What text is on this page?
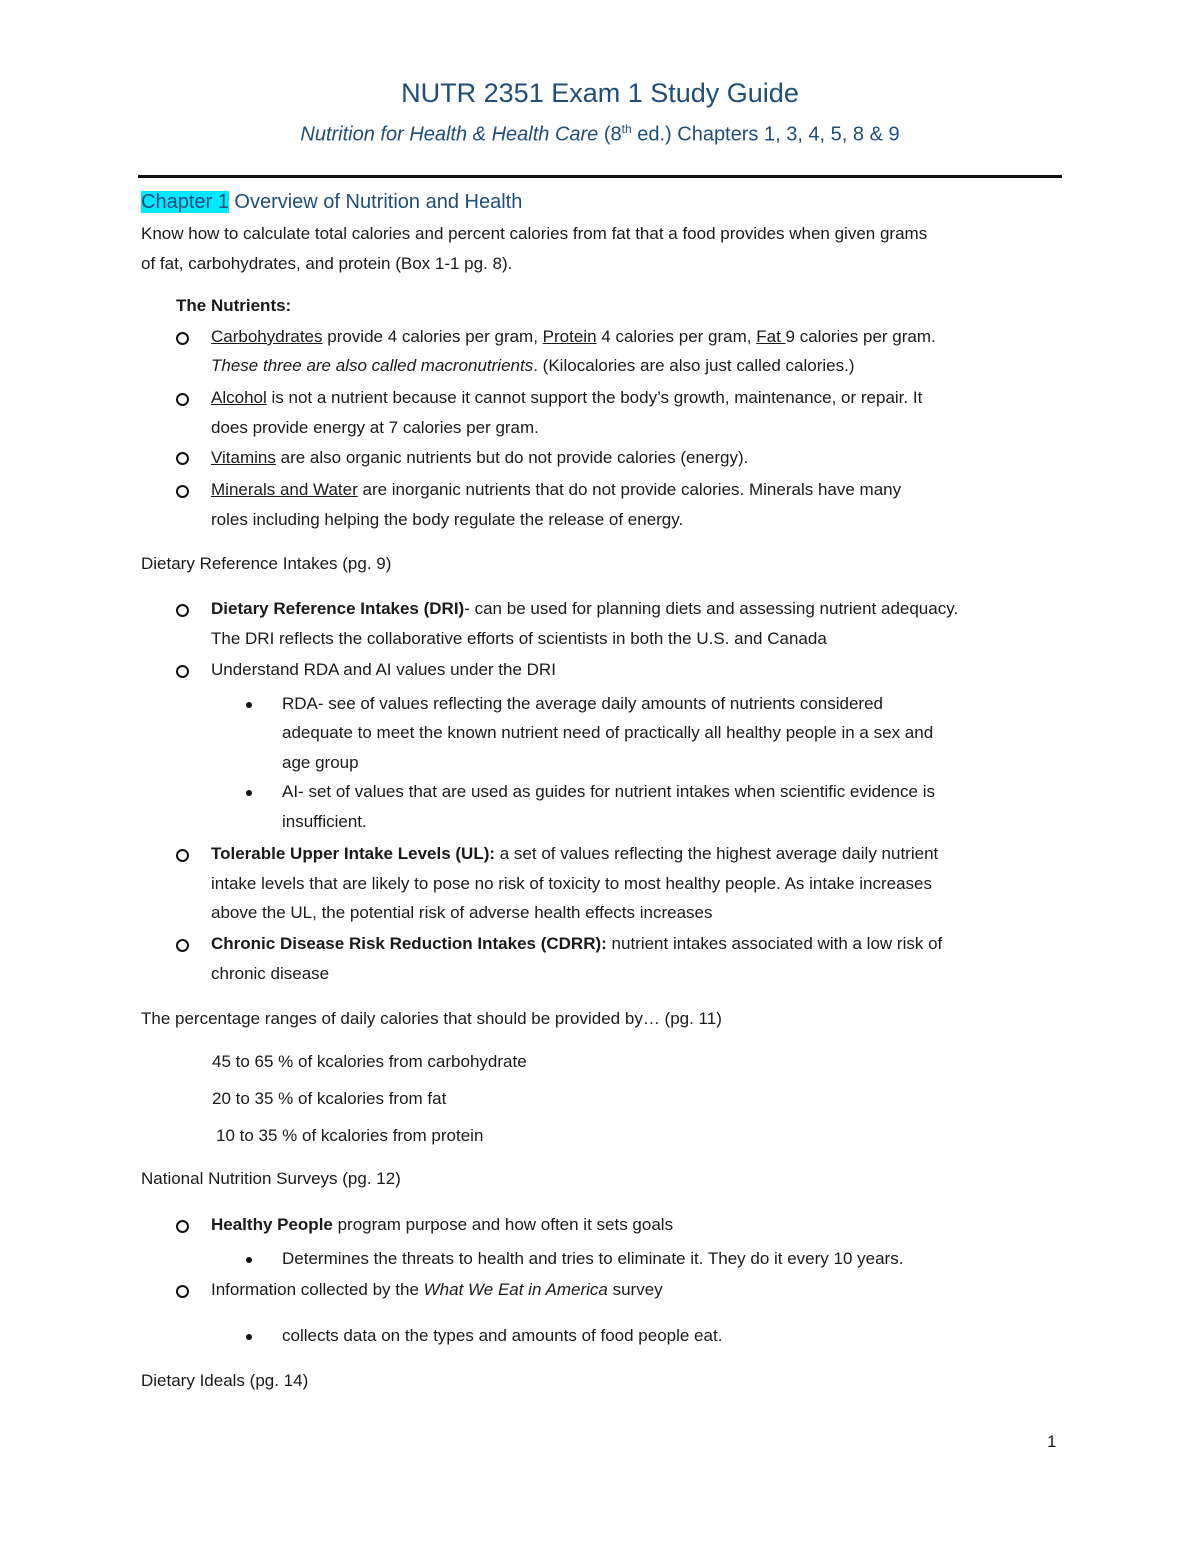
NUTR 2351 Exam 1 Study Guide
Nutrition for Health & Health Care (8th ed.) Chapters 1, 3, 4, 5, 8 & 9
Chapter 1 Overview of Nutrition and Health
Know how to calculate total calories and percent calories from fat that a food provides when given grams
of fat, carbohydrates, and protein (Box 1-1 pg. 8).
The Nutrients:
Carbohydrates provide 4 calories per gram, Protein 4 calories per gram, Fat 9 calories per gram.
These three are also called macronutrients. (Kilocalories are also just called calories.)
Alcohol is not a nutrient because it cannot support the body’s growth, maintenance, or repair. It
does provide energy at 7 calories per gram.
Vitamins are also organic nutrients but do not provide calories (energy).
Minerals and Water are inorganic nutrients that do not provide calories. Minerals have many
roles including helping the body regulate the release of energy.
Dietary Reference Intakes (pg. 9)
Dietary Reference Intakes (DRI)- can be used for planning diets and assessing nutrient adequacy.
The DRI reflects the collaborative efforts of scientists in both the U.S. and Canada
Understand RDA and AI values under the DRI
RDA- see of values reflecting the average daily amounts of nutrients considered
adequate to meet the known nutrient need of practically all healthy people in a sex and
age group
AI- set of values that are used as guides for nutrient intakes when scientific evidence is
insufficient.
Tolerable Upper Intake Levels (UL): a set of values reflecting the highest average daily nutrient
intake levels that are likely to pose no risk of toxicity to most healthy people. As intake increases
above the UL, the potential risk of adverse health effects increases
Chronic Disease Risk Reduction Intakes (CDRR): nutrient intakes associated with a low risk of
chronic disease
The percentage ranges of daily calories that should be provided by… (pg. 11)
45 to 65 % of kcalories from carbohydrate
20 to 35 % of kcalories from fat
10 to 35 % of kcalories from protein
National Nutrition Surveys (pg. 12)
Healthy People program purpose and how often it sets goals
Determines the threats to health and tries to eliminate it. They do it every 10 years.
Information collected by the What We Eat in America survey
collects data on the types and amounts of food people eat.
Dietary Ideals (pg. 14)
1
